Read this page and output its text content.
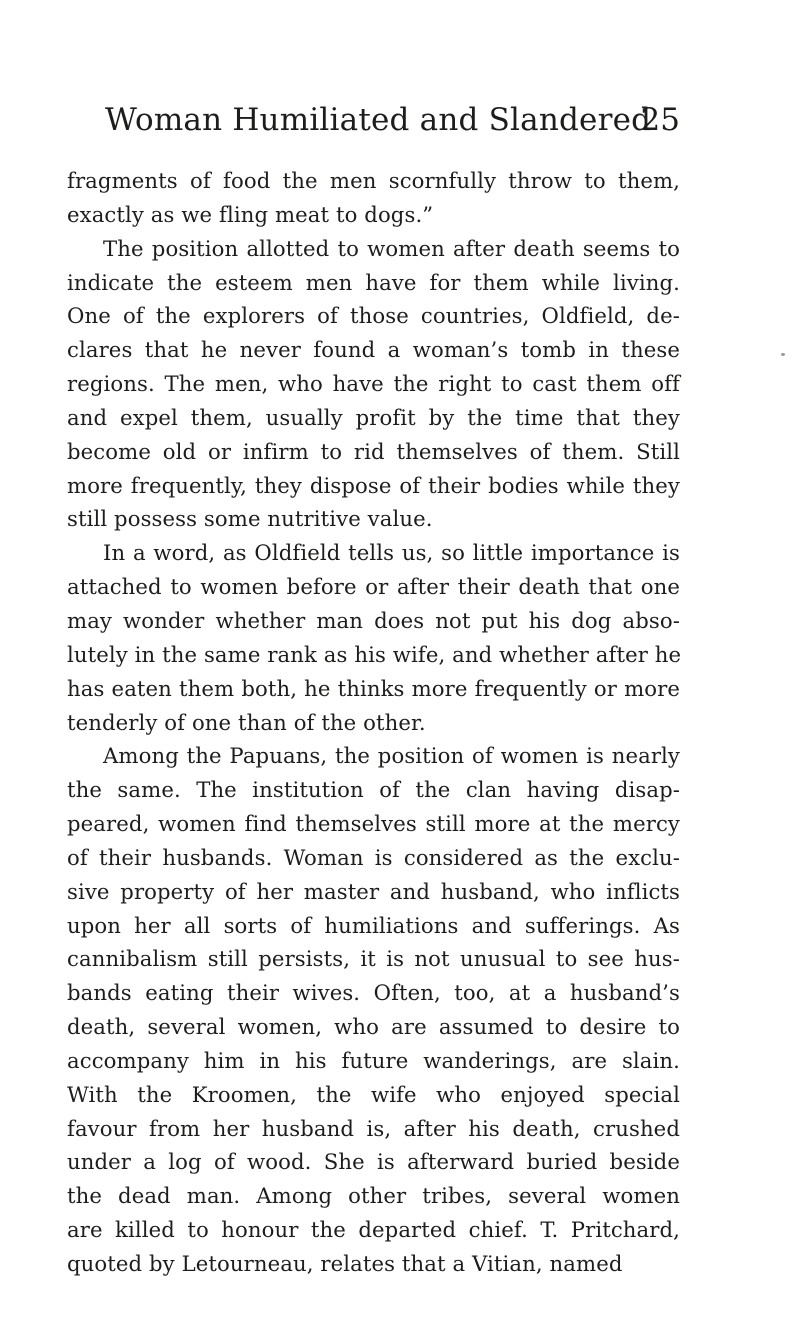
Woman Humiliated and Slandered
25
fragments of food the men scornfully throw to them,
exactly as we fling meat to dogs.”
The position allotted to women after death seems to
indicate the esteem men have for them while living.
One of the explorers of those countries, Oldfield, de-
clares that he never found a woman’s tomb in these
regions. The men, who have the right to cast them off
and expel them, usually profit by the time that they
become old or infirm to rid themselves of them. Still
more frequently, they dispose of their bodies while they
still possess some nutritive value.
In a word, as Oldfield tells us, so little importance is
attached to women before or after their death that one
may wonder whether man does not put his dog abso-
lutely in the same rank as his wife, and whether after he
has eaten them both, he thinks more frequently or more
tenderly of one than of the other.
Among the Papuans, the position of women is nearly
the same. The institution of the clan having disap-
peared, women find themselves still more at the mercy
of their husbands. Woman is considered as the exclu-
sive property of her master and husband, who inflicts
upon her all sorts of humiliations and sufferings. As
cannibalism still persists, it is not unusual to see hus-
bands eating their wives. Often, too, at a husband’s
death, several women, who are assumed to desire to
accompany him in his future wanderings, are slain.
With the Kroomen, the wife who enjoyed special
favour from her husband is, after his death, crushed
under a log of wood. She is afterward buried beside
the dead man. Among other tribes, several women
are killed to honour the departed chief. T. Pritchard,
quoted by Letourneau, relates that a Vitian, named
